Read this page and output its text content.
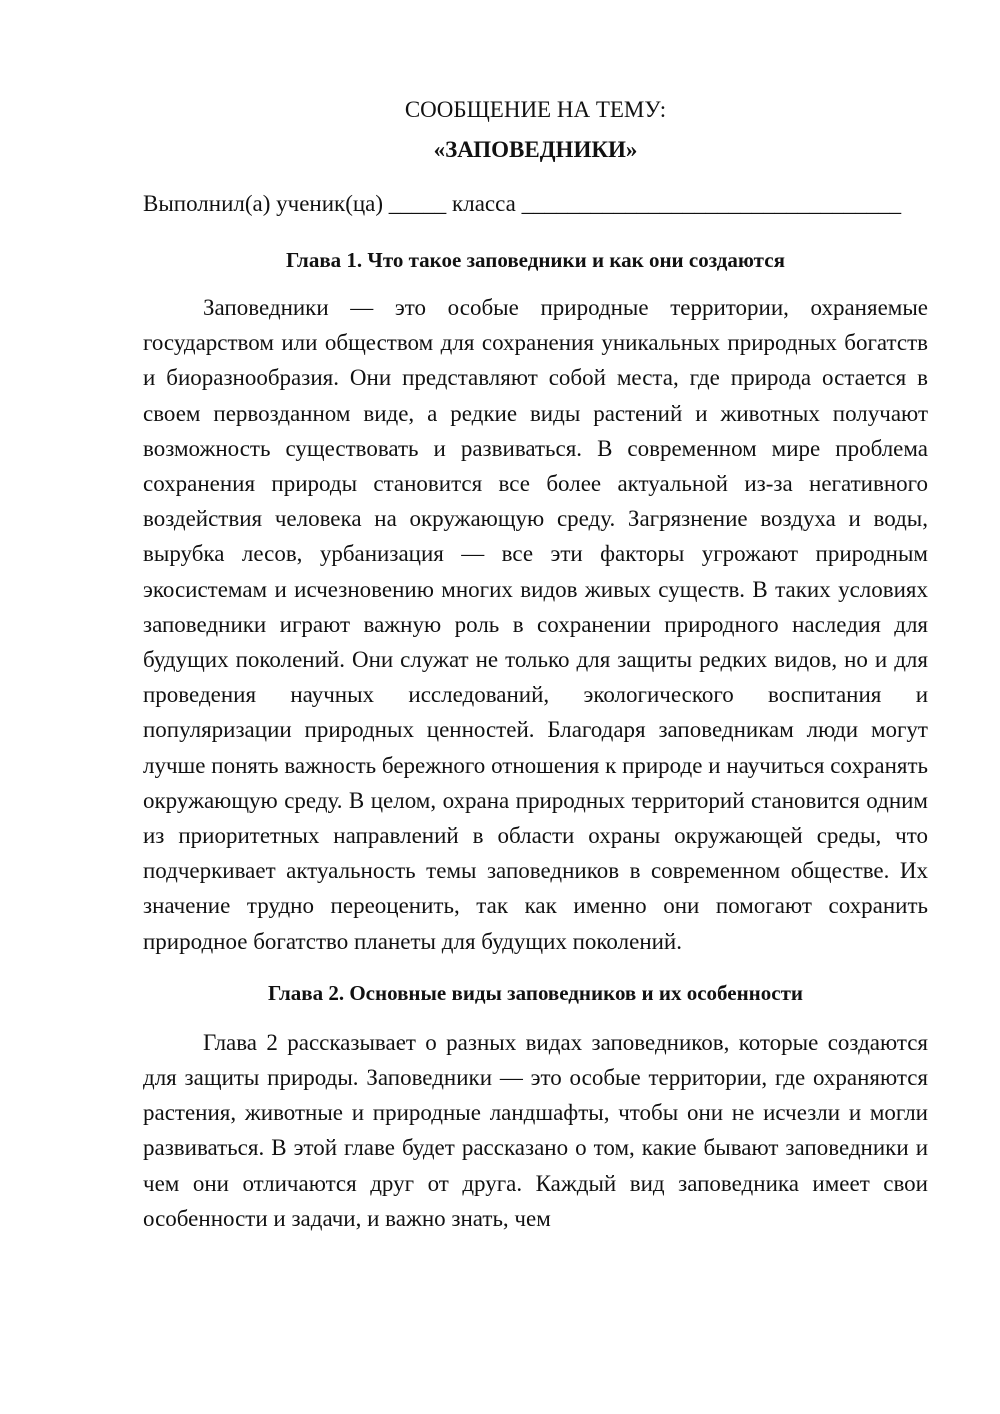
СООБЩЕНИЕ НА ТЕМУ:

«ЗАПОВЕДНИКИ»

Выполнил(а) ученик(ца) _____ класса _________________________________

Глава 1. Что такое заповедники и как они создаются

Заповедники — это особые природные территории, охраняемые государством или обществом для сохранения уникальных природных богатств и биоразнообразия. Они представляют собой места, где природа остается в своем первозданном виде, а редкие виды растений и животных получают возможность существовать и развиваться. В современном мире проблема сохранения природы становится все более актуальной из-за негативного воздействия человека на окружающую среду. Загрязнение воздуха и воды, вырубка лесов, урбанизация — все эти факторы угрожают природным экосистемам и исчезновению многих видов живых существ. В таких условиях заповедники играют важную роль в сохранении природного наследия для будущих поколений. Они служат не только для защиты редких видов, но и для проведения научных исследований, экологического воспитания и популяризации природных ценностей. Благодаря заповедникам люди могут лучше понять важность бережного отношения к природе и научиться сохранять окружающую среду. В целом, охрана природных территорий становится одним из приоритетных направлений в области охраны окружающей среды, что подчеркивает актуальность темы заповедников в современном обществе. Их значение трудно переоценить, так как именно они помогают сохранить природное богатство планеты для будущих поколений.

Глава 2. Основные виды заповедников и их особенности

Глава 2 рассказывает о разных видах заповедников, которые создаются для защиты природы. Заповедники — это особые территории, где охраняются растения, животные и природные ландшафты, чтобы они не исчезли и могли развиваться. В этой главе будет рассказано о том, какие бывают заповедники и чем они отличаются друг от друга. Каждый вид заповедника имеет свои особенности и задачи, и важно знать, чем
